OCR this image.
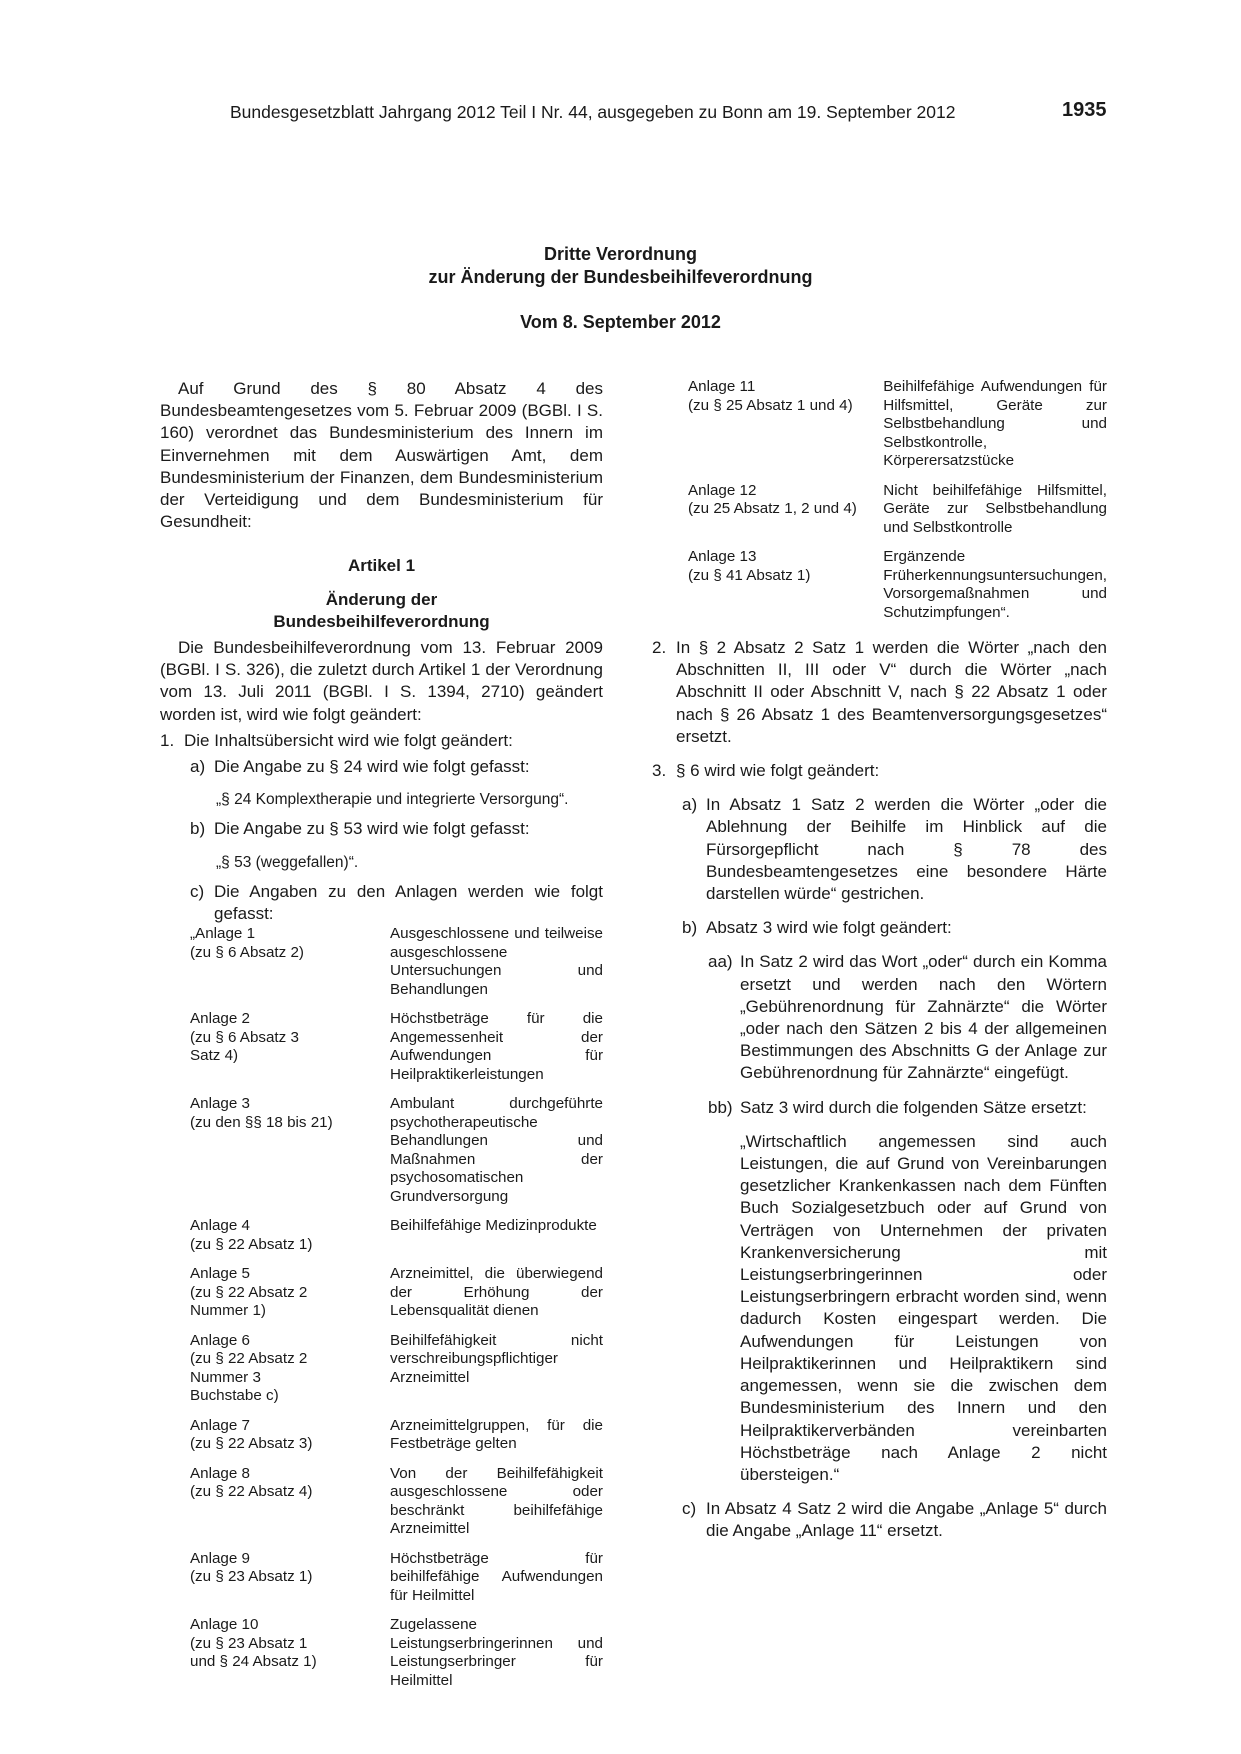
Bundesgesetzblatt Jahrgang 2012 Teil I Nr. 44, ausgegeben zu Bonn am 19. September 2012	1935
Dritte Verordnung
zur Änderung der Bundesbeihilfeverordnung
Vom 8. September 2012

Auf Grund des § 80 Absatz 4 des Bundesbeamtengesetzes vom 5. Februar 2009 (BGBl. I S. 160) verordnet das Bundesministerium des Innern im Einvernehmen mit dem Auswärtigen Amt, dem Bundesministerium der Finanzen, dem Bundesministerium der Verteidigung und dem Bundesministerium für Gesundheit:

Artikel 1

Änderung der

Bundesbeihilfeverordnung

Die Bundesbeihilfeverordnung vom 13. Februar 2009 (BGBl. I S. 326), die zuletzt durch Artikel 1 der Verordnung vom 13. Juli 2011 (BGBl. I S. 1394, 2710) geändert worden ist, wird wie folgt geändert:

1. Die Inhaltsübersicht wird wie folgt geändert:

a) Die Angabe zu § 24 wird wie folgt gefasst:

„§ 24 Komplextherapie und integrierte Versorgung“.

b) Die Angabe zu § 53 wird wie folgt gefasst:

„§ 53 (weggefallen)“.

c) Die Angaben zu den Anlagen werden wie folgt gefasst:

„Anlage 1
(zu § 6 Absatz 2)	Ausgeschlossene und teilweise ausgeschlossene Untersuchungen und Behandlungen
Anlage 2
(zu § 6 Absatz 3
Satz 4)	Höchstbeträge für die Angemessenheit der Aufwendungen für Heilpraktikerleistungen
Anlage 3
(zu den §§ 18 bis 21)	Ambulant durchgeführte psychotherapeutische Behandlungen und Maßnahmen der psychosomatischen Grundversorgung
Anlage 4
(zu § 22 Absatz 1)	Beihilfefähige Medizinprodukte
Anlage 5
(zu § 22 Absatz 2
Nummer 1)	Arzneimittel, die überwiegend der Erhöhung der Lebensqualität dienen
Anlage 6
(zu § 22 Absatz 2
Nummer 3
Buchstabe c)	Beihilfefähigkeit nicht verschreibungspflichtiger Arzneimittel
Anlage 7
(zu § 22 Absatz 3)	Arzneimittelgruppen, für die Festbeträge gelten
Anlage 8
(zu § 22 Absatz 4)	Von der Beihilfefähigkeit ausgeschlossene oder beschränkt beihilfefähige Arzneimittel
Anlage 9
(zu § 23 Absatz 1)	Höchstbeträge für beihilfefähige Aufwendungen für Heilmittel
Anlage 10
(zu § 23 Absatz 1
und § 24 Absatz 1)	Zugelassene Leistungserbringerinnen und Leistungserbringer für Heilmittel
Anlage 11
(zu § 25 Absatz 1 und 4)	Beihilfefähige Aufwendungen für Hilfsmittel, Geräte zur Selbstbehandlung und Selbstkontrolle, Körperersatzstücke
Anlage 12
(zu 25 Absatz 1, 2 und 4)	Nicht beihilfefähige Hilfsmittel, Geräte zur Selbstbehandlung und Selbstkontrolle
Anlage 13
(zu § 41 Absatz 1)	Ergänzende Früherkennungsuntersuchungen, Vorsorgemaßnahmen und Schutzimpfungen“.
2. In § 2 Absatz 2 Satz 1 werden die Wörter „nach den Abschnitten II, III oder V“ durch die Wörter „nach Abschnitt II oder Abschnitt V, nach § 22 Absatz 1 oder nach § 26 Absatz 1 des Beamtenversorgungsgesetzes“ ersetzt.

3. § 6 wird wie folgt geändert:

a) In Absatz 1 Satz 2 werden die Wörter „oder die Ablehnung der Beihilfe im Hinblick auf die Fürsorgepflicht nach § 78 des Bundesbeamtengesetzes eine besondere Härte darstellen würde“ gestrichen.

b) Absatz 3 wird wie folgt geändert:

aa) In Satz 2 wird das Wort „oder“ durch ein Komma ersetzt und werden nach den Wörtern „Gebührenordnung für Zahnärzte“ die Wörter „oder nach den Sätzen 2 bis 4 der allgemeinen Bestimmungen des Abschnitts G der Anlage zur Gebührenordnung für Zahnärzte“ eingefügt.

bb) Satz 3 wird durch die folgenden Sätze ersetzt:

„Wirtschaftlich angemessen sind auch Leistungen, die auf Grund von Vereinbarungen gesetzlicher Krankenkassen nach dem Fünften Buch Sozialgesetzbuch oder auf Grund von Verträgen von Unternehmen der privaten Krankenversicherung mit Leistungserbringerinnen oder Leistungserbringern erbracht worden sind, wenn dadurch Kosten eingespart werden. Die Aufwendungen für Leistungen von Heilpraktikerinnen und Heilpraktikern sind angemessen, wenn sie die zwischen dem Bundesministerium des Innern und den Heilpraktikerverbänden vereinbarten Höchstbeträge nach Anlage 2 nicht übersteigen.“

c) In Absatz 4 Satz 2 wird die Angabe „Anlage 5“ durch die Angabe „Anlage 11“ ersetzt.
